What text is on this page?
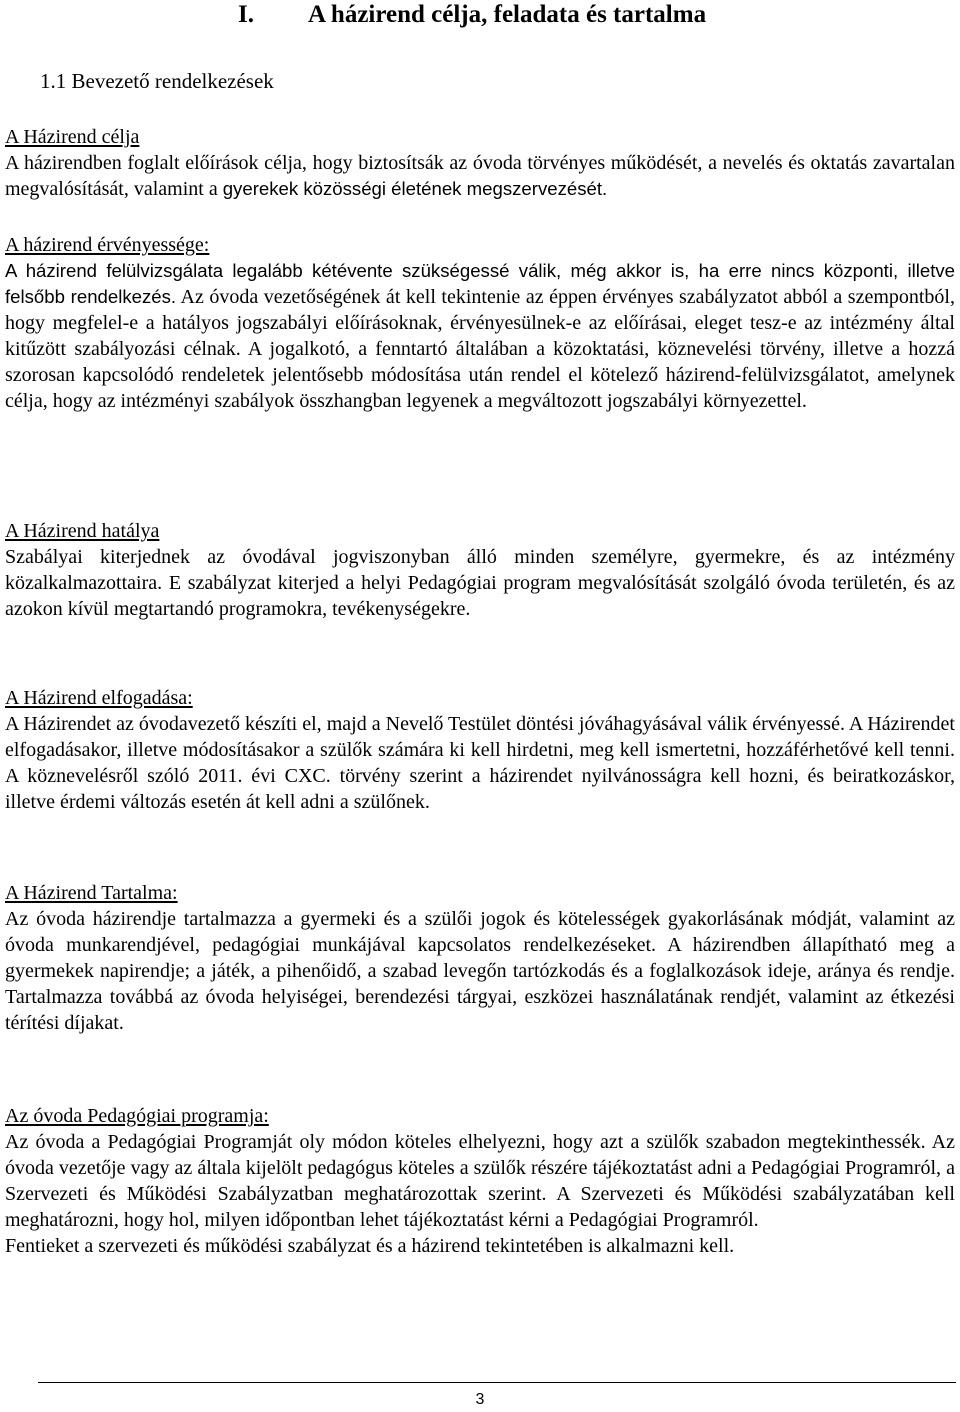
I. A házirend célja, feladata és tartalma
1.1 Bevezető rendelkezések
A Házirend célja

A házirendben foglalt előírások célja, hogy biztosítsák az óvoda törvényes működését, a nevelés és oktatás zavartalan megvalósítását, valamint a gyerekek közösségi életének megszervezését.

A házirend érvényessége:

A házirend felülvizsgálata legalább kétévente szükségessé válik, még akkor is, ha erre nincs központi, illetve felsőbb rendelkezés. Az óvoda vezetőségének át kell tekintenie az éppen érvényes szabályzatot abból a szempontból, hogy megfelel-e a hatályos jogszabályi előírásoknak, érvényesülnek-e az előírásai, eleget tesz-e az intézmény által kitűzött szabályozási célnak. A jogalkotó, a fenntartó általában a közoktatási, köznevelési törvény, illetve a hozzá szorosan kapcsolódó rendeletek jelentősebb módosítása után rendel el kötelező házirend-felülvizsgálatot, amelynek célja, hogy az intézményi szabályok összhangban legyenek a megváltozott jogszabályi környezettel.

A Házirend hatálya

Szabályai kiterjednek az óvodával jogviszonyban álló minden személyre, gyermekre, és az intézmény közalkalmazottaira. E szabályzat kiterjed a helyi Pedagógiai program megvalósítását szolgáló óvoda területén, és az azokon kívül megtartandó programokra, tevékenységekre.

A Házirend elfogadása:

A Házirendet az óvodavezető készíti el, majd a Nevelő Testület döntési jóváhagyásával válik érvényessé. A Házirendet elfogadásakor, illetve módosításakor a szülők számára ki kell hirdetni, meg kell ismertetni, hozzáférhetővé kell tenni. A köznevelésről szóló 2011. évi CXC. törvény szerint a házirendet nyilvánosságra kell hozni, és beiratkozáskor, illetve érdemi változás esetén át kell adni a szülőnek.

A Házirend Tartalma:

Az óvoda házirendje tartalmazza a gyermeki és a szülői jogok és kötelességek gyakorlásának módját, valamint az óvoda munkarendjével, pedagógiai munkájával kapcsolatos rendelkezéseket. A házirendben állapítható meg a gyermekek napirendje; a játék, a pihenőidő, a szabad levegőn tartózkodás és a foglalkozások ideje, aránya és rendje. Tartalmazza továbbá az óvoda helyiségei, berendezési tárgyai, eszközei használatának rendjét, valamint az étkezési térítési díjakat.

Az óvoda Pedagógiai programja:

Az óvoda a Pedagógiai Programját oly módon köteles elhelyezni, hogy azt a szülők szabadon megtekinthessék. Az óvoda vezetője vagy az általa kijelölt pedagógus köteles a szülők részére tájékoztatást adni a Pedagógiai Programról, a Szervezeti és Működési Szabályzatban meghatározottak szerint. A Szervezeti és Működési szabályzatában kell meghatározni, hogy hol, milyen időpontban lehet tájékoztatást kérni a Pedagógiai Programról.

Fentieket a szervezeti és működési szabályzat és a házirend tekintetében is alkalmazni kell.
3
